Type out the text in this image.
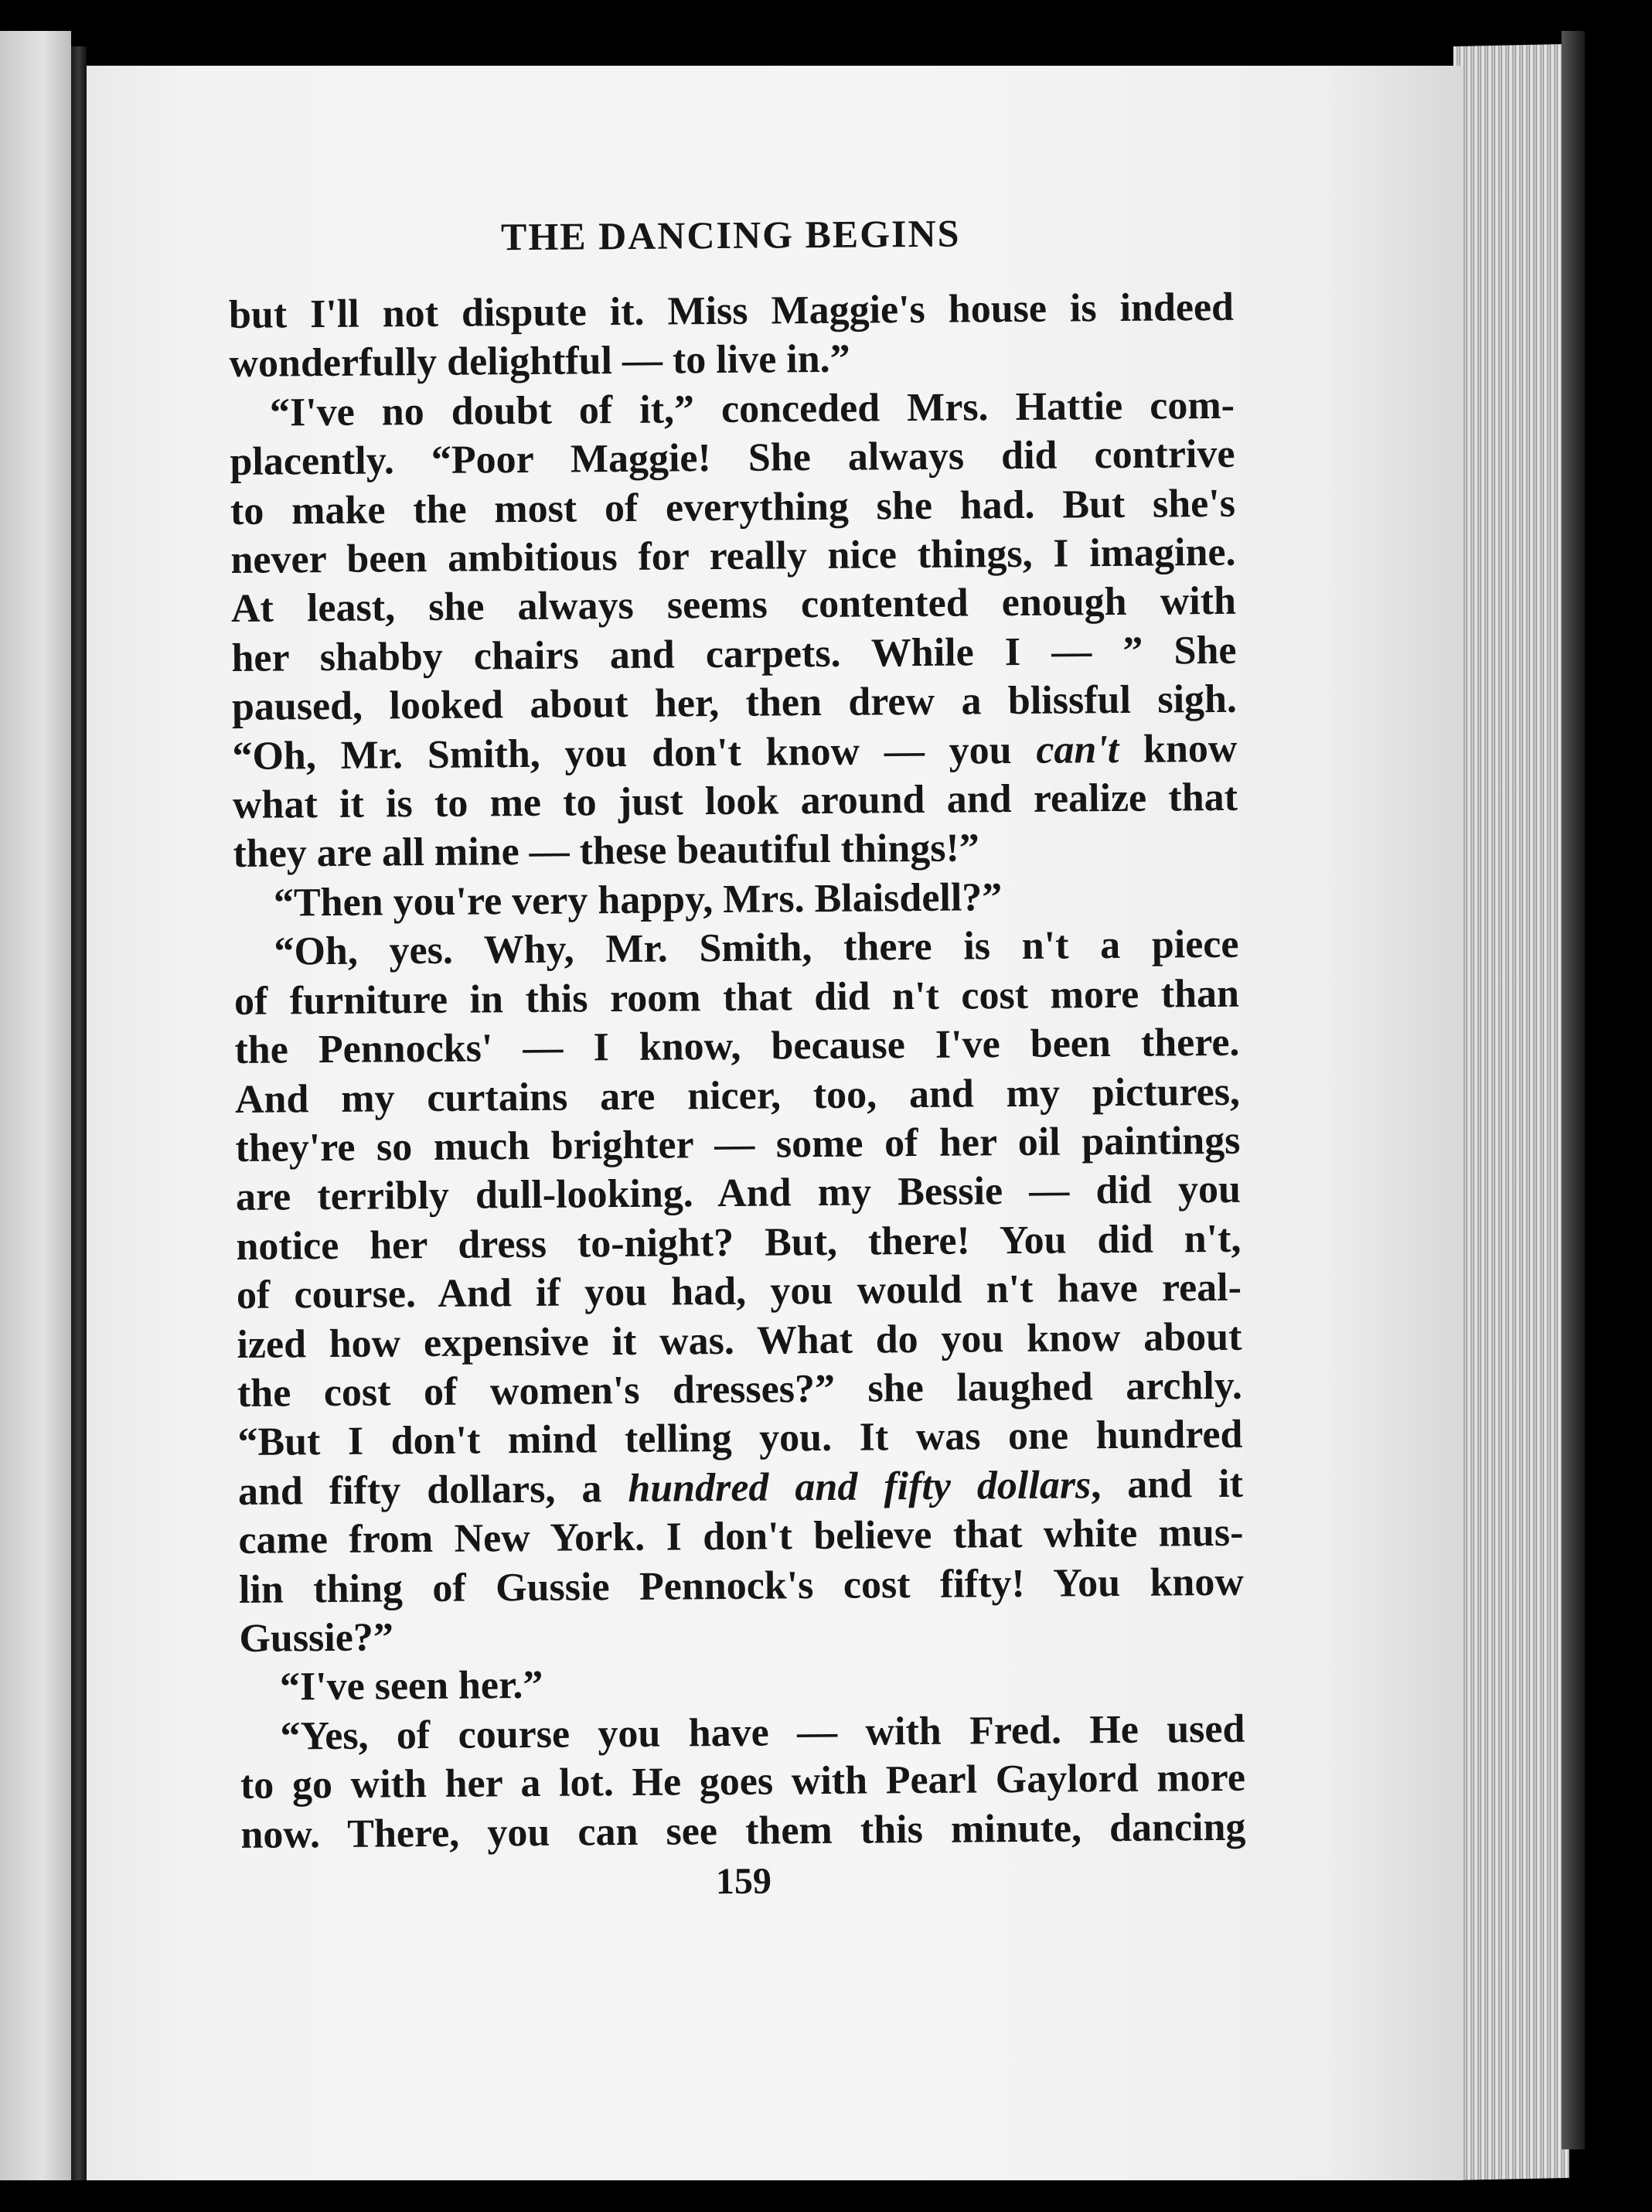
THE DANCING BEGINS
but I'll not dispute it. Miss Maggie's house is indeed
wonderfully delightful — to live in.”
“I've no doubt of it,” conceded Mrs. Hattie com-
placently. “Poor Maggie! She always did contrive
to make the most of everything she had. But she's
never been ambitious for really nice things, I imagine.
At least, she always seems contented enough with
her shabby chairs and carpets. While I — ” She
paused, looked about her, then drew a blissful sigh.
“Oh, Mr. Smith, you don't know — you can't know
what it is to me to just look around and realize that
they are all mine — these beautiful things!”
“Then you're very happy, Mrs. Blaisdell?”
“Oh, yes. Why, Mr. Smith, there is n't a piece
of furniture in this room that did n't cost more than
the Pennocks' — I know, because I've been there.
And my curtains are nicer, too, and my pictures,
they're so much brighter — some of her oil paintings
are terribly dull-looking. And my Bessie — did you
notice her dress to-night? But, there! You did n't,
of course. And if you had, you would n't have real-
ized how expensive it was. What do you know about
the cost of women's dresses?” she laughed archly.
“But I don't mind telling you. It was one hundred
and fifty dollars, a hundred and fifty dollars, and it
came from New York. I don't believe that white mus-
lin thing of Gussie Pennock's cost fifty! You know
Gussie?”
“I've seen her.”
“Yes, of course you have — with Fred. He used
to go with her a lot. He goes with Pearl Gaylord more
now. There, you can see them this minute, dancing
159
